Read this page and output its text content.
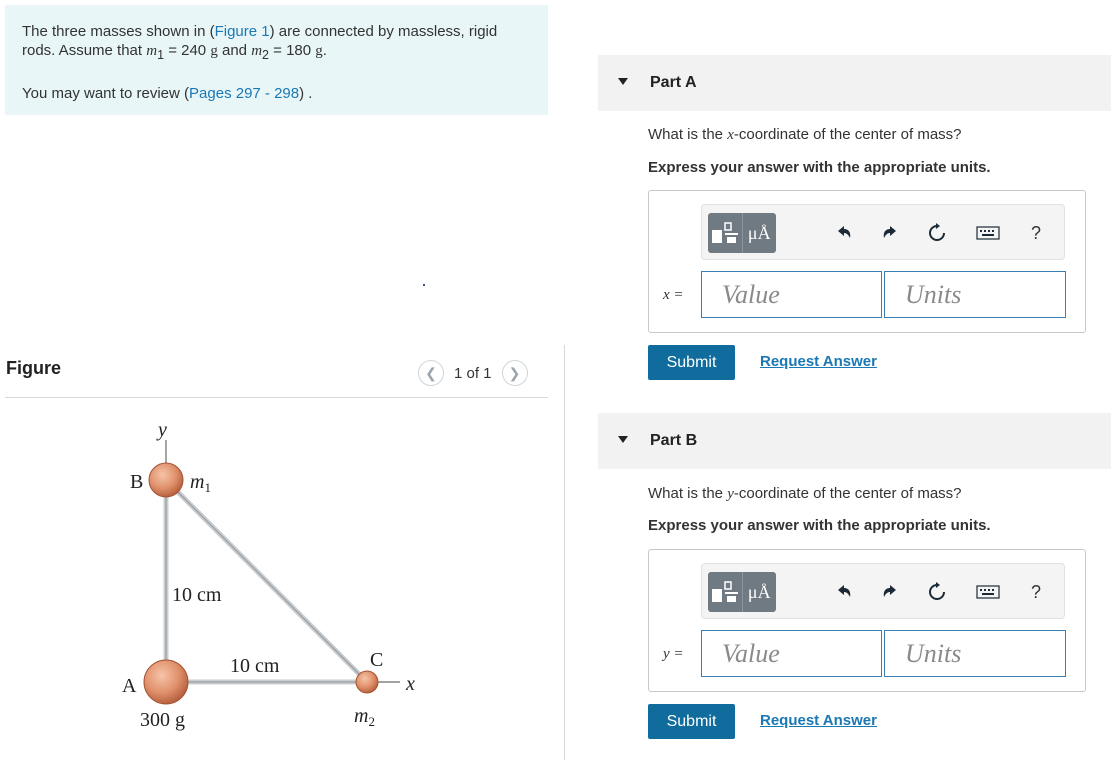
The three masses shown in (Figure 1) are connected by massless, rigid rods. Assume that $m_1 = 240$ g and $m_2 = 180$ g.

You may want to review (Pages 297 - 298) .

Figure	❮	1 of 1	❯
y
x
B
A
C
$m_1$
$m_2$
10 cm
10 cm
300 g
Part A
What is the x-coordinate of the center of mass?
Express your answer with the appropriate units.
μÅ	?
x =	Value	Units
Submit	Request Answer
Part B
What is the y-coordinate of the center of mass?
Express your answer with the appropriate units.
μÅ	?
y =	Value	Units
Submit	Request Answer
